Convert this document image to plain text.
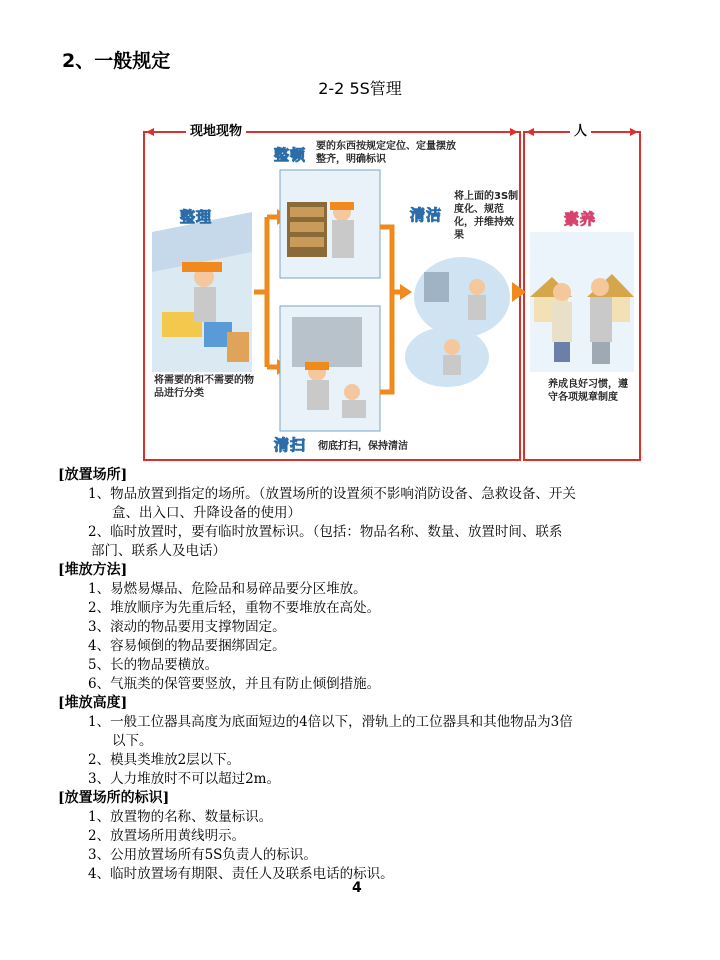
2、一般规定
2-2 5S管理
现地现物	人
整理
将需要的和不需要的物品进行分类
整顿 要的东西按规定定位、定量摆放整齐，明确标识
清扫 彻底打扫，保持清洁
清洁
将上面的3S制度化、规范化，并维持效果
素养
养成良好习惯，遵守各项规章制度
[放置场所]
1、物品放置到指定的场所。（放置场所的设置须不影响消防设备、急救设备、开关
盒、出入口、升降设备的使用）
2、临时放置时，要有临时放置标识。（包括：物品名称、数量、放置时间、联系
部门、联系人及电话）
[堆放方法]
1、易燃易爆品、危险品和易碎品要分区堆放。
2、堆放顺序为先重后轻，重物不要堆放在高处。
3、滚动的物品要用支撑物固定。
4、容易倾倒的物品要捆绑固定。
5、长的物品要横放。
6、气瓶类的保管要竖放，并且有防止倾倒措施。
[堆放高度]
1、一般工位器具高度为底面短边的4倍以下，滑轨上的工位器具和其他物品为3倍
以下。
2、模具类堆放2层以下。
3、人力堆放时不可以超过2m。
[放置场所的标识]
1、放置物的名称、数量标识。
2、放置场所用黄线明示。
3、公用放置场所有5S负责人的标识。
4、临时放置场有期限、责任人及联系电话的标识。
4
